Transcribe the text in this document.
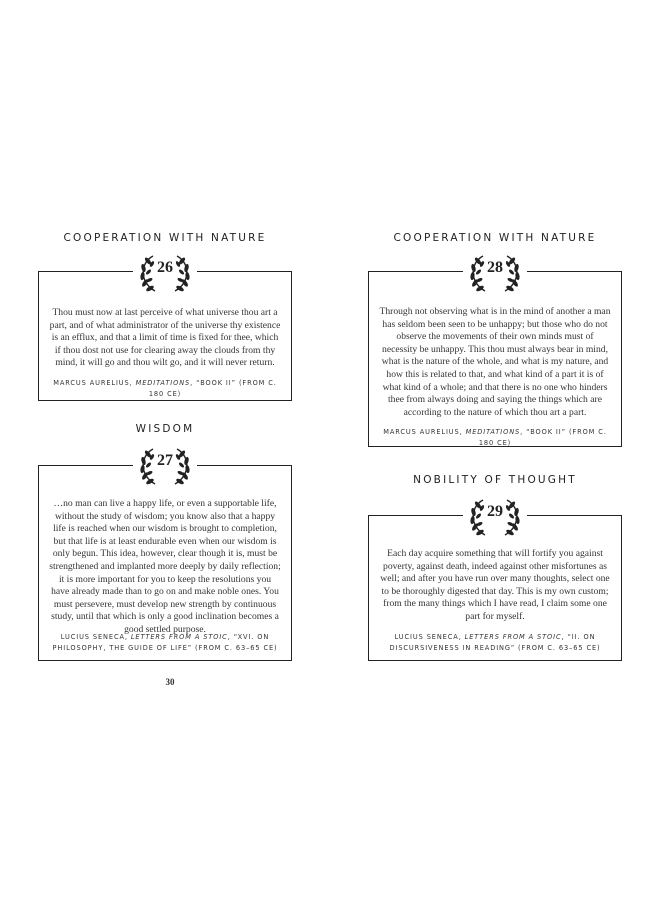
COOPERATION WITH NATURE
Thou must now at last perceive of what universe thou art a part, and of what administrator of the universe thy existence is an efflux, and that a limit of time is fixed for thee, which if thou dost not use for clearing away the clouds from thy mind, it will go and thou wilt go, and it will never return.
MARCUS AURELIUS, MEDITATIONS, “BOOK II” (FROM C. 180 CE)
26
WISDOM
…no man can live a happy life, or even a supportable life, without the study of wisdom; you know also that a happy life is reached when our wisdom is brought to completion, but that life is at least endurable even when our wisdom is only begun. This idea, however, clear though it is, must be strengthened and implanted more deeply by daily reflection; it is more important for you to keep the resolutions you have already made than to go on and make noble ones. You must persevere, must develop new strength by continuous study, until that which is only a good inclination becomes a good settled purpose.
LUCIUS SENECA, LETTERS FROM A STOIC, “XVI. ON PHILOSOPHY, THE GUIDE OF LIFE” (FROM C. 63–65 CE)
27
COOPERATION WITH NATURE
Through not observing what is in the mind of another a man has seldom been seen to be unhappy; but those who do not observe the movements of their own minds must of necessity be unhappy. This thou must always bear in mind, what is the nature of the whole, and what is my nature, and how this is related to that, and what kind of a part it is of what kind of a whole; and that there is no one who hinders thee from always doing and saying the things which are according to the nature of which thou art a part.
MARCUS AURELIUS, MEDITATIONS, “BOOK II” (FROM C. 180 CE)
28
NOBILITY OF THOUGHT
Each day acquire something that will fortify you against poverty, against death, indeed against other misfortunes as well; and after you have run over many thoughts, select one to be thoroughly digested that day. This is my own custom; from the many things which I have read, I claim some one part for myself.
LUCIUS SENECA, LETTERS FROM A STOIC, “II. ON DISCURSIVENESS IN READING” (FROM C. 63–65 CE)
29
30
